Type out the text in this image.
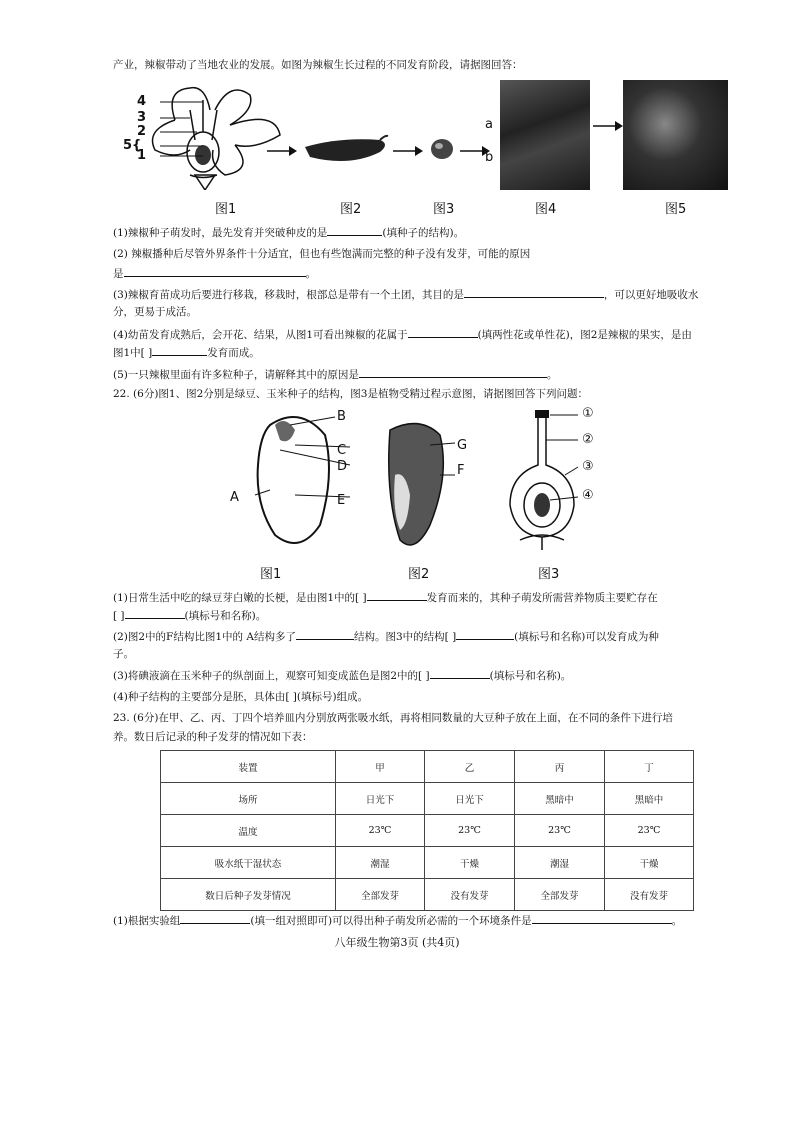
产业，辣椒带动了当地农业的发展。如图为辣椒生长过程的不同发育阶段，请据图回答：
4
3
2
5{
1
a
b
图1	图2	图3	图4	图5
(1)辣椒种子萌发时，最先发育并突破种皮的是	(填种子的结构)。
(2) 辣椒播种后尽管外界条件十分适宜，但也有些饱满而完整的种子没有发芽，可能的原因
是	。
(3)辣椒育苗成功后要进行移栽，移栽时，根部总是带有一个土团，其目的是	，可以更好地吸收水
分，更易于成活。
(4)幼苗发育成熟后，会开花、结果，从图1可看出辣椒的花属于	(填两性花或单性花)，图2是辣椒的果实，是由
图1中[ ]	发育而成。
(5)一只辣椒里面有许多粒种子，请解释其中的原因是	。
22. (6分)图1、图2分别是绿豆、玉米种子的结构，图3是植物受精过程示意图，请据图回答下列问题：
B
C
D
A	E
G
F
①
②
③
④
图1	图2	图3
(1)日常生活中吃的绿豆芽白嫩的长梗，是由图1中的[ ]	发育而来的，其种子萌发所需营养物质主要贮存在
[ ]	(填标号和名称)。
(2)图2中的F结构比图1中的 A结构多了	结构。图3中的结构[ ]	(填标号和名称)可以发育成为种
子。
(3)将碘液滴在玉米种子的纵剖面上，观察可知变成蓝色是图2中的[ ]	(填标号和名称)。
(4)种子结构的主要部分是胚，具体由[ ](填标号)组成。
23. (6分)在甲、乙、丙、丁四个培养皿内分别放两张吸水纸，再将相同数量的大豆种子放在上面，在不同的条件下进行培
养。数日后记录的种子发芽的情况如下表：
装置	甲	乙	丙	丁
场所	日光下	日光下	黑暗中	黑暗中
温度	23℃	23℃	23℃	23℃
吸水纸干湿状态	潮湿	干燥	潮湿	干燥
数日后种子发芽情况	全部发芽	没有发芽	全部发芽	没有发芽
(1)根据实验组	(填一组对照即可)可以得出种子萌发所必需的一个环境条件是	。
八年级生物第3页 (共4页)
